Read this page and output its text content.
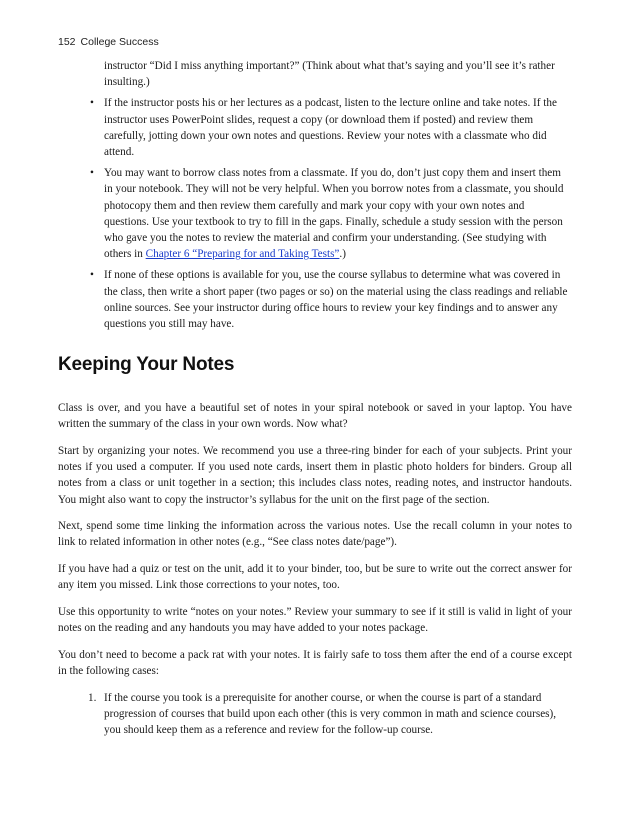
152 College Success
instructor “Did I miss anything important?” (Think about what that’s saying and you’ll see it’s rather insulting.)
• If the instructor posts his or her lectures as a podcast, listen to the lecture online and take notes. If the instructor uses PowerPoint slides, request a copy (or download them if posted) and review them carefully, jotting down your own notes and questions. Review your notes with a classmate who did attend.
• You may want to borrow class notes from a classmate. If you do, don’t just copy them and insert them in your notebook. They will not be very helpful. When you borrow notes from a classmate, you should photocopy them and then review them carefully and mark your copy with your own notes and questions. Use your textbook to try to fill in the gaps. Finally, schedule a study session with the person who gave you the notes to review the material and confirm your understanding. (See studying with others in Chapter 6 “Preparing for and Taking Tests”.)
• If none of these options is available for you, use the course syllabus to determine what was covered in the class, then write a short paper (two pages or so) on the material using the class readings and reliable online sources. See your instructor during office hours to review your key findings and to answer any questions you still may have.
Keeping Your Notes

Class is over, and you have a beautiful set of notes in your spiral notebook or saved in your laptop. You have written the summary of the class in your own words. Now what?

Start by organizing your notes. We recommend you use a three-ring binder for each of your subjects. Print your notes if you used a computer. If you used note cards, insert them in plastic photo holders for binders. Group all notes from a class or unit together in a section; this includes class notes, reading notes, and instructor handouts. You might also want to copy the instructor’s syllabus for the unit on the first page of the section.

Next, spend some time linking the information across the various notes. Use the recall column in your notes to link to related information in other notes (e.g., “See class notes date/page”).

If you have had a quiz or test on the unit, add it to your binder, too, but be sure to write out the correct answer for any item you missed. Link those corrections to your notes, too.

Use this opportunity to write “notes on your notes.” Review your summary to see if it still is valid in light of your notes on the reading and any handouts you may have added to your notes package.

You don’t need to become a pack rat with your notes. It is fairly safe to toss them after the end of a course except in the following cases:

1. If the course you took is a prerequisite for another course, or when the course is part of a standard progression of courses that build upon each other (this is very common in math and science courses), you should keep them as a reference and review for the follow-up course.
